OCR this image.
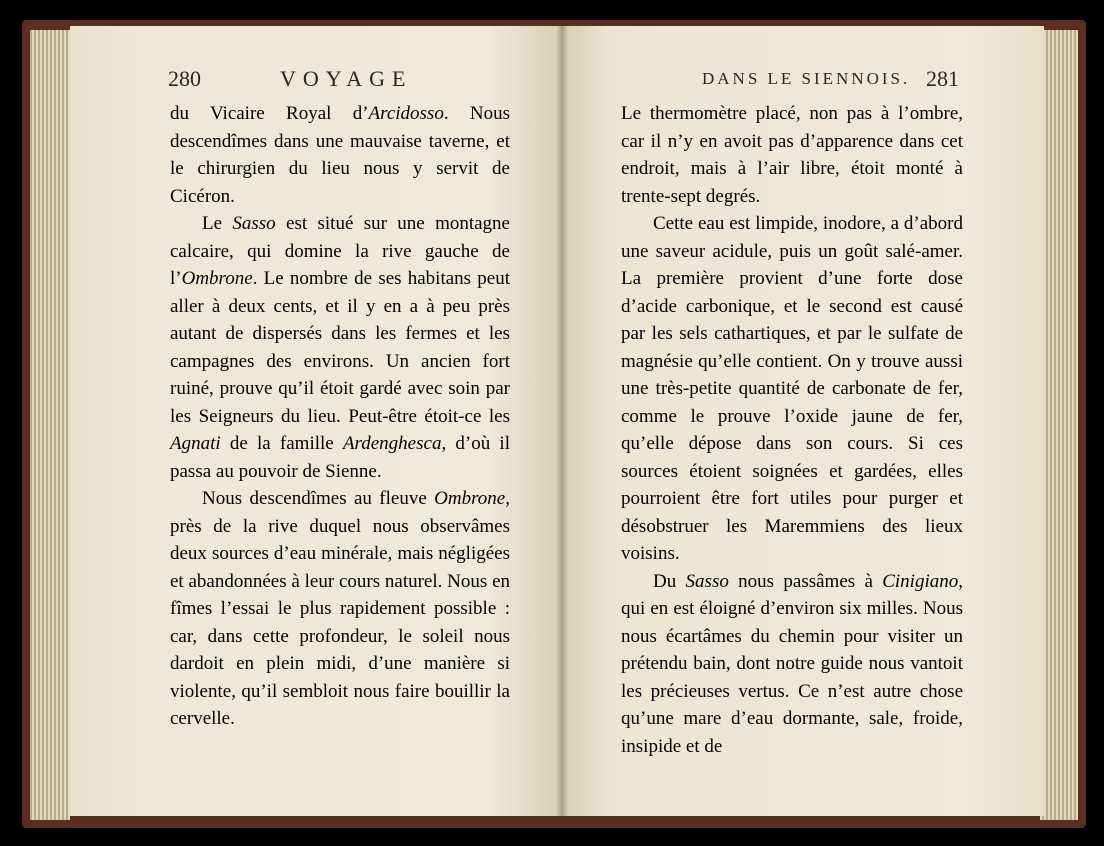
280	VOYAGE	DANS LE SIENNOIS. 281

du Vicaire Royal d’Arcidosso. Nous descendîmes dans une mauvaise taverne, et le chirurgien du lieu nous y servit de Cicéron.

Le Sasso est situé sur une montagne calcaire, qui domine la rive gauche de l’Ombrone. Le nombre de ses habitans peut aller à deux cents, et il y en a à peu près autant de dispersés dans les fermes et les campagnes des environs. Un ancien fort ruiné, prouve qu’il étoit gardé avec soin par les Seigneurs du lieu. Peut-être étoit-ce les Agnati de la famille Ardenghesca, d’où il passa au pouvoir de Sienne.

Nous descendîmes au fleuve Ombrone, près de la rive duquel nous observâmes deux sources d’eau minérale, mais négligées et abandonnées à leur cours naturel. Nous en fîmes l’essai le plus rapidement possible : car, dans cette profondeur, le soleil nous dardoit en plein midi, d’une manière si violente, qu’il sembloit nous faire bouillir la cervelle.

Le thermomètre placé, non pas à l’ombre, car il n’y en avoit pas d’apparence dans cet endroit, mais à l’air libre, étoit monté à trente-sept degrés.

Cette eau est limpide, inodore, a d’abord une saveur acidule, puis un goût salé-amer. La première provient d’une forte dose d’acide carbonique, et le second est causé par les sels cathartiques, et par le sulfate de magnésie qu’elle contient. On y trouve aussi une très-petite quantité de carbonate de fer, comme le prouve l’oxide jaune de fer, qu’elle dépose dans son cours. Si ces sources étoient soignées et gardées, elles pourroient être fort utiles pour purger et désobstruer les Maremmiens des lieux voisins.

Du Sasso nous passâmes à Cinigiano, qui en est éloigné d’environ six milles. Nous nous écartâmes du chemin pour visiter un prétendu bain, dont notre guide nous vantoit les précieuses vertus. Ce n’est autre chose qu’une mare d’eau dormante, sale, froide, insipide et de
